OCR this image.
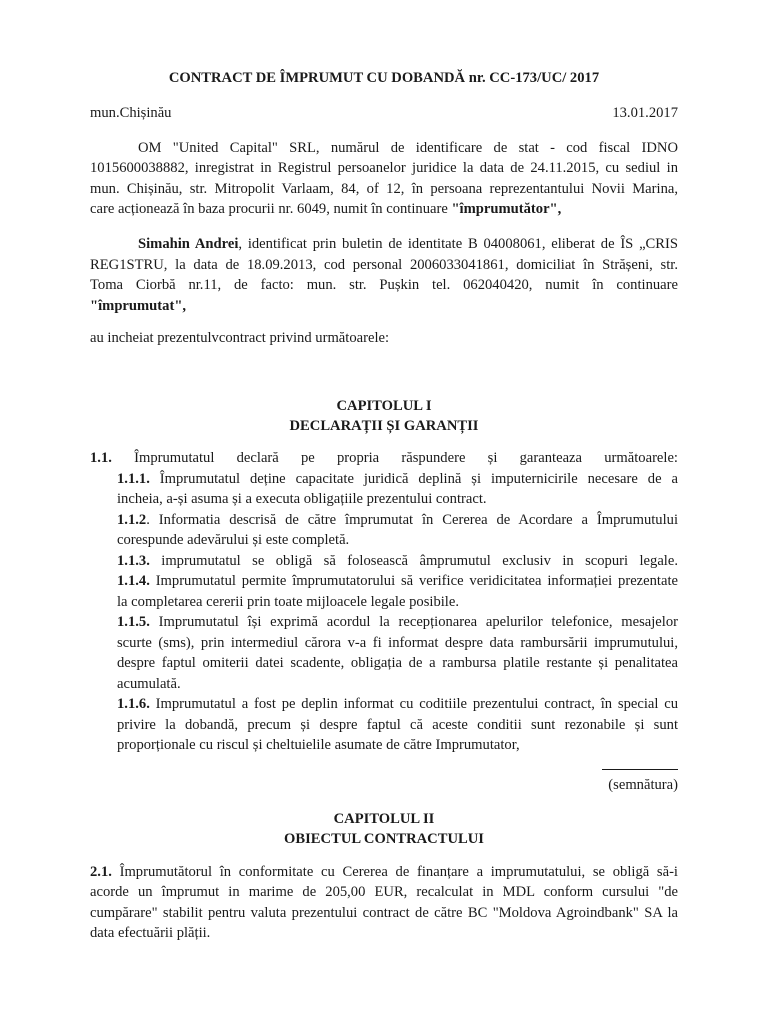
CONTRACT DE ÎMPRUMUT CU DOBANDĂ nr. CC-173/UC/ 2017
mun.Chișinău	13.01.2017
OM "United Capital" SRL, numărul de identificare de stat - cod fiscal IDNO
1015600038882, inregistrat in Registrul persoanelor juridice la data de 24.11.2015, cu sediul in
mun. Chișinău, str. Mitropolit Varlaam, 84, of 12, în persoana reprezentantului Novii Marina,
care acționează în baza procurii nr. 6049, numit în continuare "împrumutător",
Simahin Andrei, identificat prin buletin de identitate B 04008061, eliberat de ÎS „CRIS
REG1STRU, la data de 18.09.2013, cod personal 2006033041861, domiciliat în Strășeni, str.
Toma Ciorbă nr.11, de facto: mun. str. Pușkin tel. 062040420, numit în continuare
"împrumutat",
au incheiat prezentulvcontract privind următoarele:
CAPITOLUL I
DECLARAȚII ȘI GARANȚII
1.1. Împrumutatul declară pe propria răspundere și garanteaza următoarele:
1.1.1. Împrumutatul deține capacitate juridică deplină și imputernicirile necesare de a
incheia, a-și asuma și a executa obligațiile prezentului contract.
1.1.2. Informatia descrisă de către împrumutat în Cererea de Acordare a Împrumutului
corespunde adevărului și este completă.
1.1.3. imprumutatul se obligă să folosească âmprumutul exclusiv in scopuri legale.
1.1.4. Imprumutatul permite împrumutatorului să verifice veridicitatea informației prezentate
la completarea cererii prin toate mijloacele legale posibile.
1.1.5. Imprumutatul își exprimă acordul la recepționarea apelurilor telefonice, mesajelor
scurte (sms), prin intermediul cărora v-a fi informat despre data rambursării imprumutului,
despre faptul omiterii datei scadente, obligația de a rambursa platile restante și penalitatea
acumulată.
1.1.6. Imprumutatul a fost pe deplin informat cu coditiile prezentului contract, în special cu
privire la dobandă, precum și despre faptul că aceste conditii sunt rezonabile și sunt
proporționale cu riscul și cheltuielile asumate de către Imprumutator,
(semnătura)
CAPITOLUL II
OBIECTUL CONTRACTULUI
2.1. Împrumutătorul în conformitate cu Cererea de finanțare a imprumutatului, se obligă să-i
acorde un împrumut in marime de 205,00 EUR, recalculat in MDL conform cursului "de
cumpărare" stabilit pentru valuta prezentului contract de către BC "Moldova Agroindbank" SA la
data efectuării plății.
